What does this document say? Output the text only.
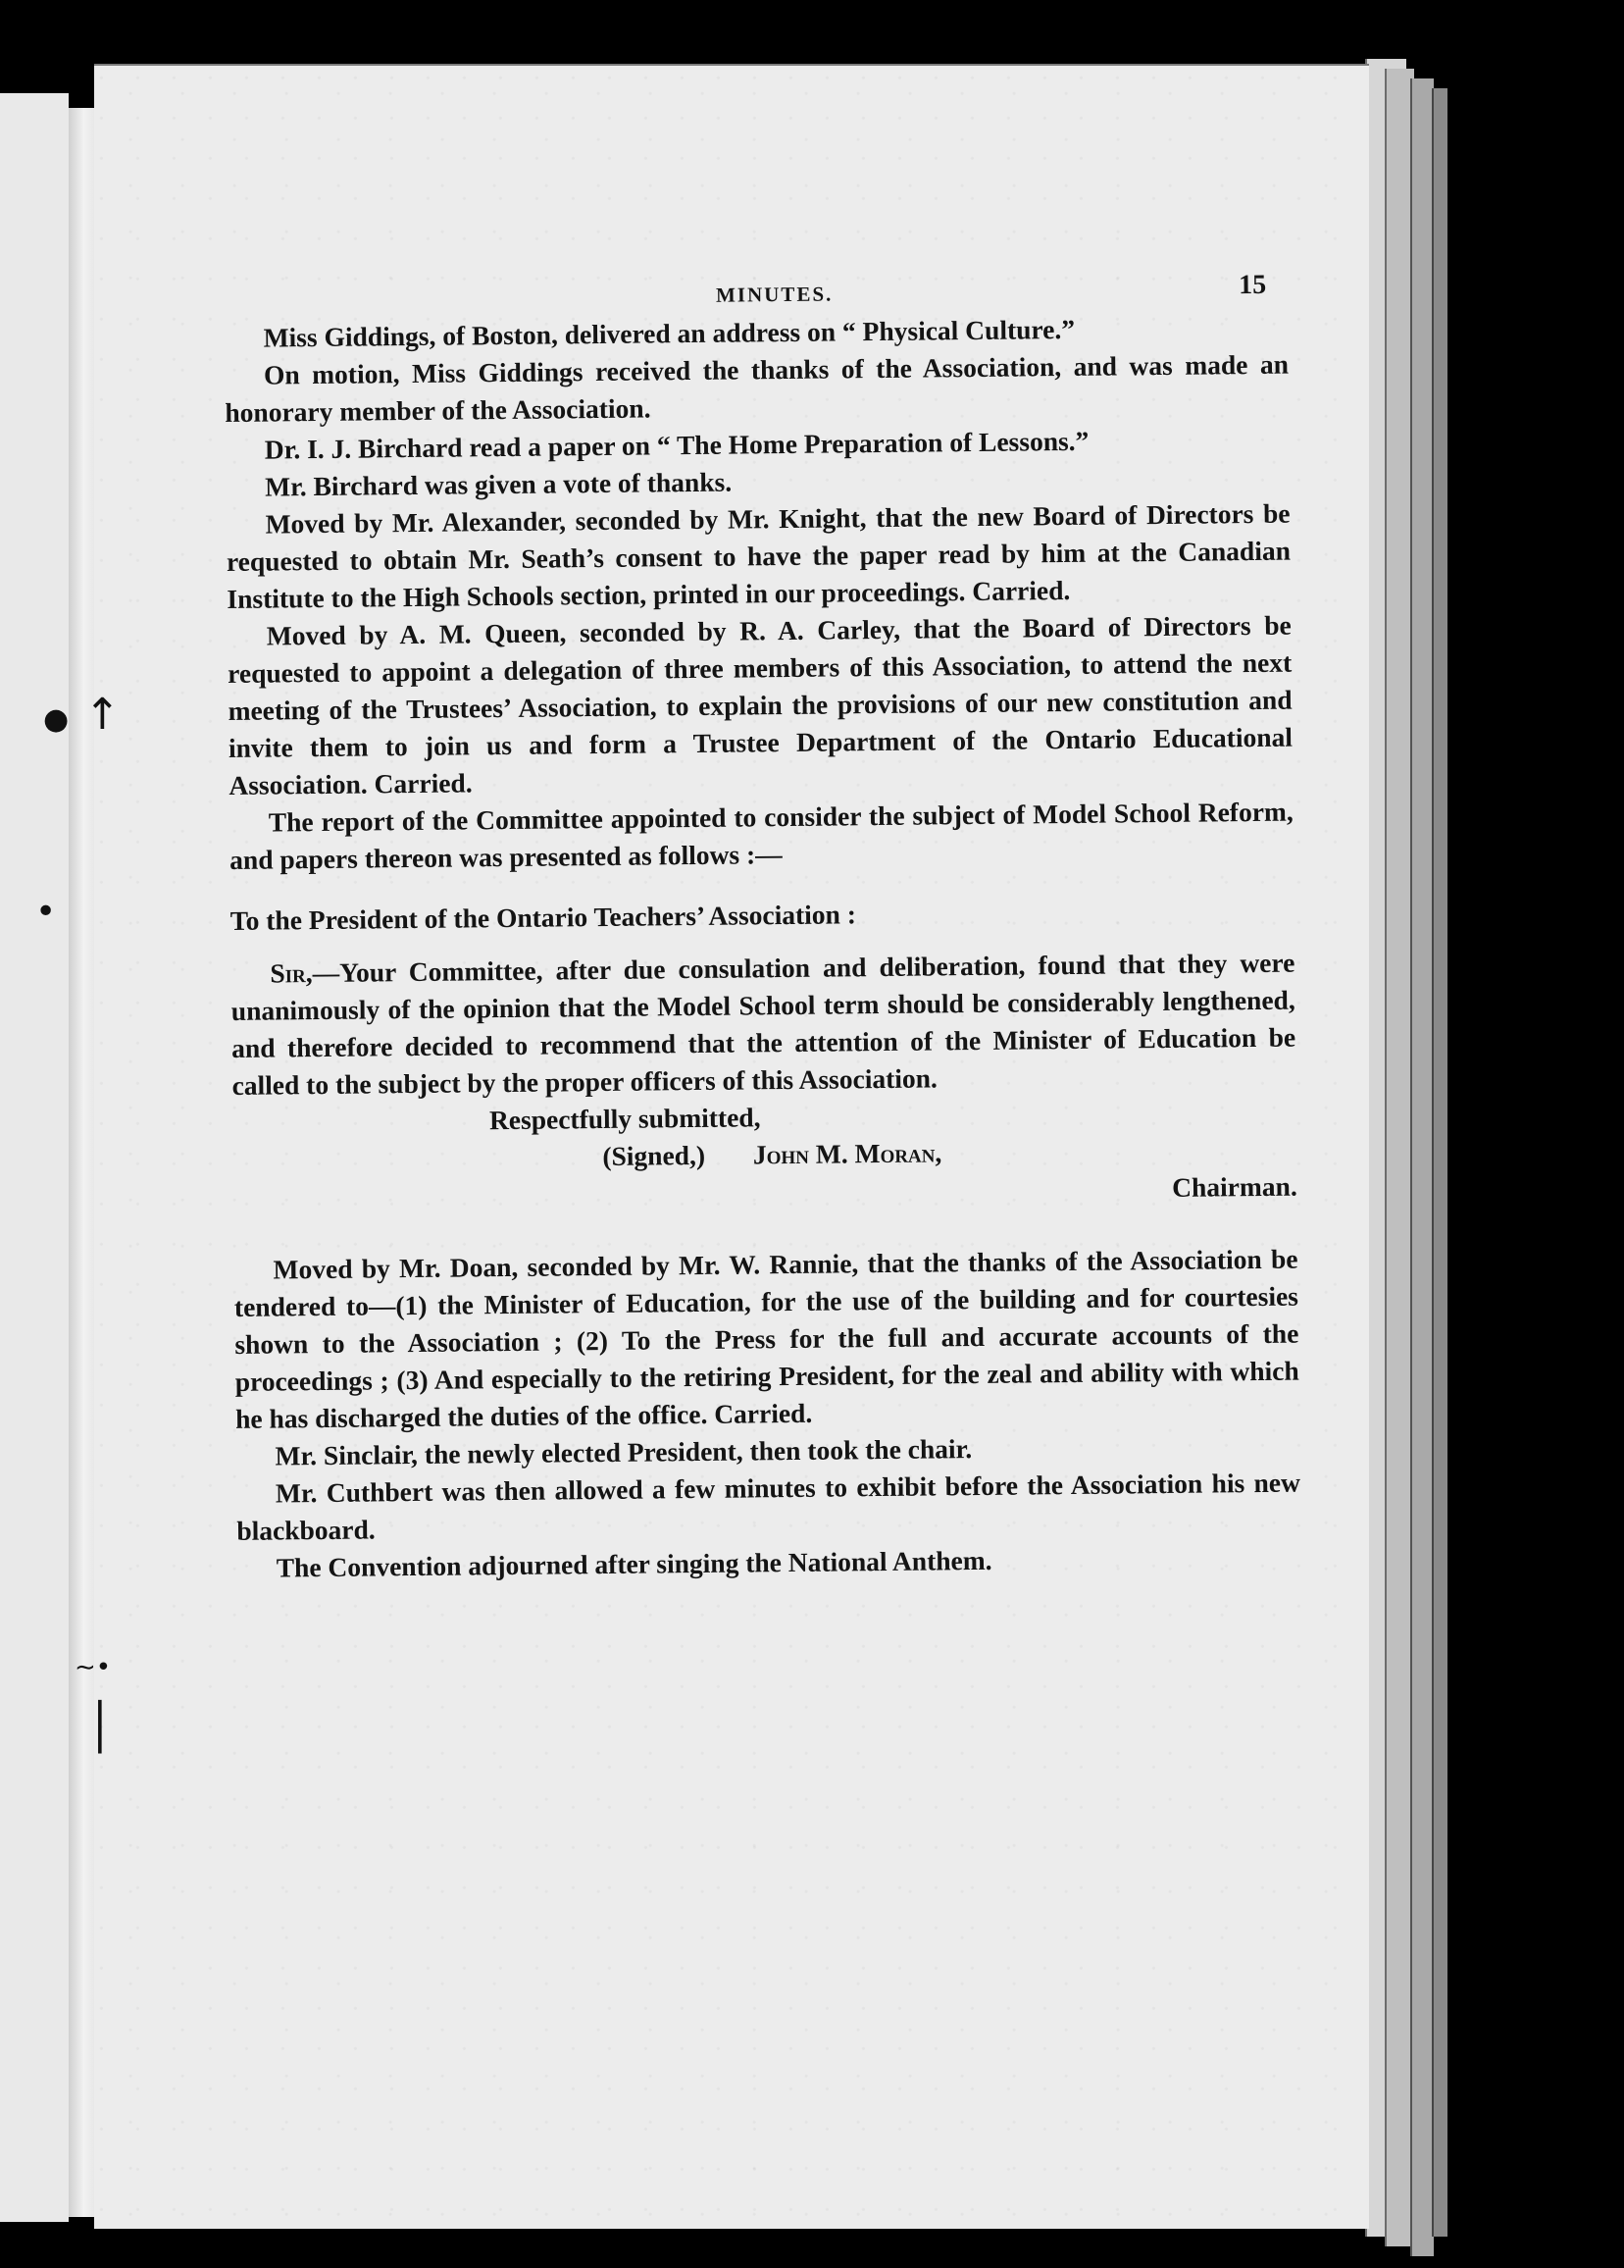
● ↑
•
∼•
│
MINUTES.	15

Miss Giddings, of Boston, delivered an address on “ Physical Culture.”

On motion, Miss Giddings received the thanks of the Association, and was made an honorary member of the Association.

Dr. I. J. Birchard read a paper on “ The Home Preparation of Lessons.”

Mr. Birchard was given a vote of thanks.

Moved by Mr. Alexander, seconded by Mr. Knight, that the new Board of Directors be requested to obtain Mr. Seath’s consent to have the paper read by him at the Canadian Institute to the High Schools section, printed in our proceedings. Carried.

Moved by A. M. Queen, seconded by R. A. Carley, that the Board of Directors be requested to appoint a delegation of three members of this Association, to attend the next meeting of the Trustees’ Association, to explain the provisions of our new constitution and invite them to join us and form a Trustee Department of the Ontario Educational Association. Carried.

The report of the Committee appointed to consider the subject of Model School Reform, and papers thereon was presented as follows :—

To the President of the Ontario Teachers’ Association :

Sir,—Your Committee, after due consulation and deliberation, found that they were unanimously of the opinion that the Model School term should be considerably lengthened, and therefore decided to recommend that the attention of the Minister of Education be called to the subject by the proper officers of this Association.

Respectfully submitted,
(Signed,) John M. Moran,
Chairman.

Moved by Mr. Doan, seconded by Mr. W. Rannie, that the thanks of the Association be tendered to—(1) the Minister of Education, for the use of the building and for courtesies shown to the Association ; (2) To the Press for the full and accurate accounts of the proceedings ; (3) And especially to the retiring President, for the zeal and ability with which he has discharged the duties of the office. Carried.

Mr. Sinclair, the newly elected President, then took the chair.

Mr. Cuthbert was then allowed a few minutes to exhibit before the Association his new blackboard.

The Convention adjourned after singing the National Anthem.
